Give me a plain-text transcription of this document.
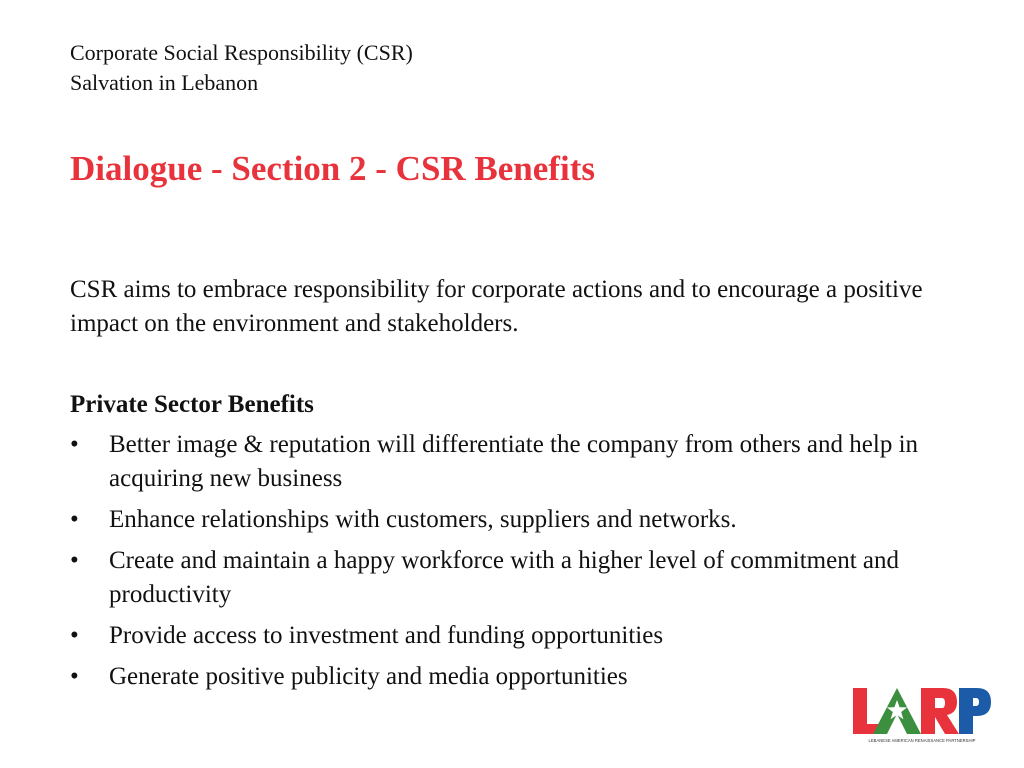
Corporate Social Responsibility (CSR)
Salvation in Lebanon
Dialogue - Section 2 - CSR Benefits

CSR aims to embrace responsibility for corporate actions and to encourage a positive impact on the environment and stakeholders.

Private Sector Benefits
• Better image & reputation will differentiate the company from others and help in acquiring new business
• Enhance relationships with customers, suppliers and networks.
• Create and maintain a happy workforce with a higher level of commitment and productivity
• Provide access to investment and funding opportunities
• Generate positive publicity and media opportunities
LEBANESE AMERICAN RENAISSANCE PARTNERSHIP
